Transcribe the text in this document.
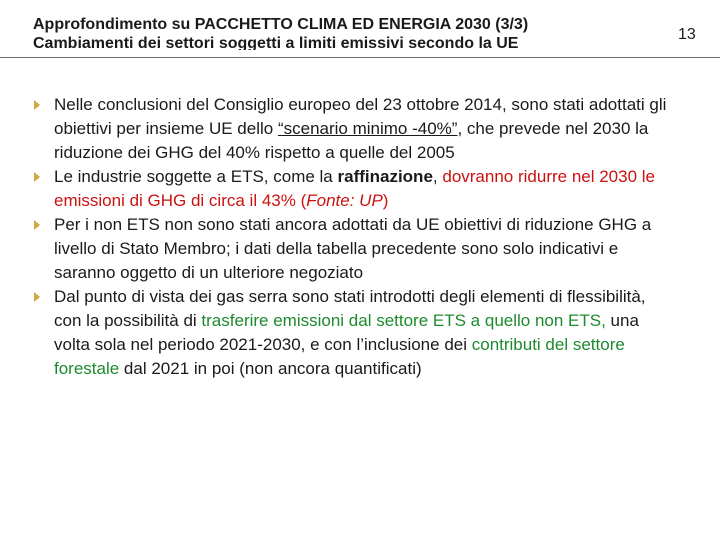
Approfondimento su PACCHETTO CLIMA ED ENERGIA 2030 (3/3)
Cambiamenti dei settori soggetti a limiti emissivi secondo la UE
13
Nelle conclusioni del Consiglio europeo del 23 ottobre 2014, sono stati adottati gli obiettivi per insieme UE dello “scenario minimo -40%”, che prevede nel 2030 la riduzione dei GHG del 40% rispetto a quelle del 2005
Le industrie soggette a ETS, come la raffinazione, dovranno ridurre nel 2030 le emissioni di GHG di circa il 43% (Fonte: UP)
Per i non ETS non sono stati ancora adottati da UE obiettivi di riduzione GHG a livello di Stato Membro; i dati della tabella precedente sono solo indicativi e saranno oggetto di un ulteriore negoziato
Dal punto di vista dei gas serra sono stati introdotti degli elementi di flessibilità, con la possibilità di trasferire emissioni dal settore ETS a quello non ETS, una volta sola nel periodo 2021-2030, e con l’inclusione dei contributi del settore forestale dal 2021 in poi (non ancora quantificati)
